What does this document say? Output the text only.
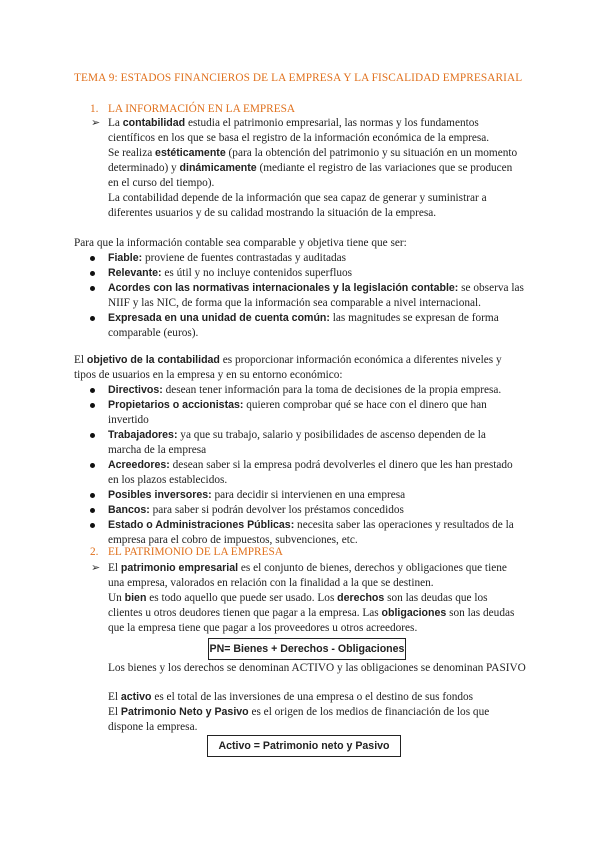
TEMA 9: ESTADOS FINANCIEROS DE LA EMPRESA Y LA FISCALIDAD EMPRESARIAL
1. LA INFORMACIÓN EN LA EMPRESA
➢ La contabilidad estudia el patrimonio empresarial, las normas y los fundamentos
científicos en los que se basa el registro de la información económica de la empresa.
Se realiza estéticamente (para la obtención del patrimonio y su situación en un momento
determinado) y dinámicamente (mediante el registro de las variaciones que se producen
en el curso del tiempo).
La contabilidad depende de la información que sea capaz de generar y suministrar a
diferentes usuarios y de su calidad mostrando la situación de la empresa.
Para que la información contable sea comparable y objetiva tiene que ser:
Fiable: proviene de fuentes contrastadas y auditadas
Relevante: es útil y no incluye contenidos superfluos
Acordes con las normativas internacionales y la legislación contable: se observa las
NIIF y las NIC, de forma que la información sea comparable a nivel internacional.
Expresada en una unidad de cuenta común: las magnitudes se expresan de forma
comparable (euros).
El objetivo de la contabilidad es proporcionar información económica a diferentes niveles y
tipos de usuarios en la empresa y en su entorno económico:
Directivos: desean tener información para la toma de decisiones de la propia empresa.
Propietarios o accionistas: quieren comprobar qué se hace con el dinero que han
invertido
Trabajadores: ya que su trabajo, salario y posibilidades de ascenso dependen de la
marcha de la empresa
Acreedores: desean saber si la empresa podrá devolverles el dinero que les han prestado
en los plazos establecidos.
Posibles inversores: para decidir si intervienen en una empresa
Bancos: para saber si podrán devolver los préstamos concedidos
Estado o Administraciones Públicas: necesita saber las operaciones y resultados de la
empresa para el cobro de impuestos, subvenciones, etc.
2. EL PATRIMONIO DE LA EMPRESA
➢ El patrimonio empresarial es el conjunto de bienes, derechos y obligaciones que tiene
una empresa, valorados en relación con la finalidad a la que se destinen.
Un bien es todo aquello que puede ser usado. Los derechos son las deudas que los
clientes u otros deudores tienen que pagar a la empresa. Las obligaciones son las deudas
que la empresa tiene que pagar a los proveedores u otros acreedores.
PN= Bienes + Derechos - Obligaciones
Los bienes y los derechos se denominan ACTIVO y las obligaciones se denominan PASIVO
El activo es el total de las inversiones de una empresa o el destino de sus fondos
El Patrimonio Neto y Pasivo es el origen de los medios de financiación de los que
dispone la empresa.
Activo = Patrimonio neto y Pasivo
